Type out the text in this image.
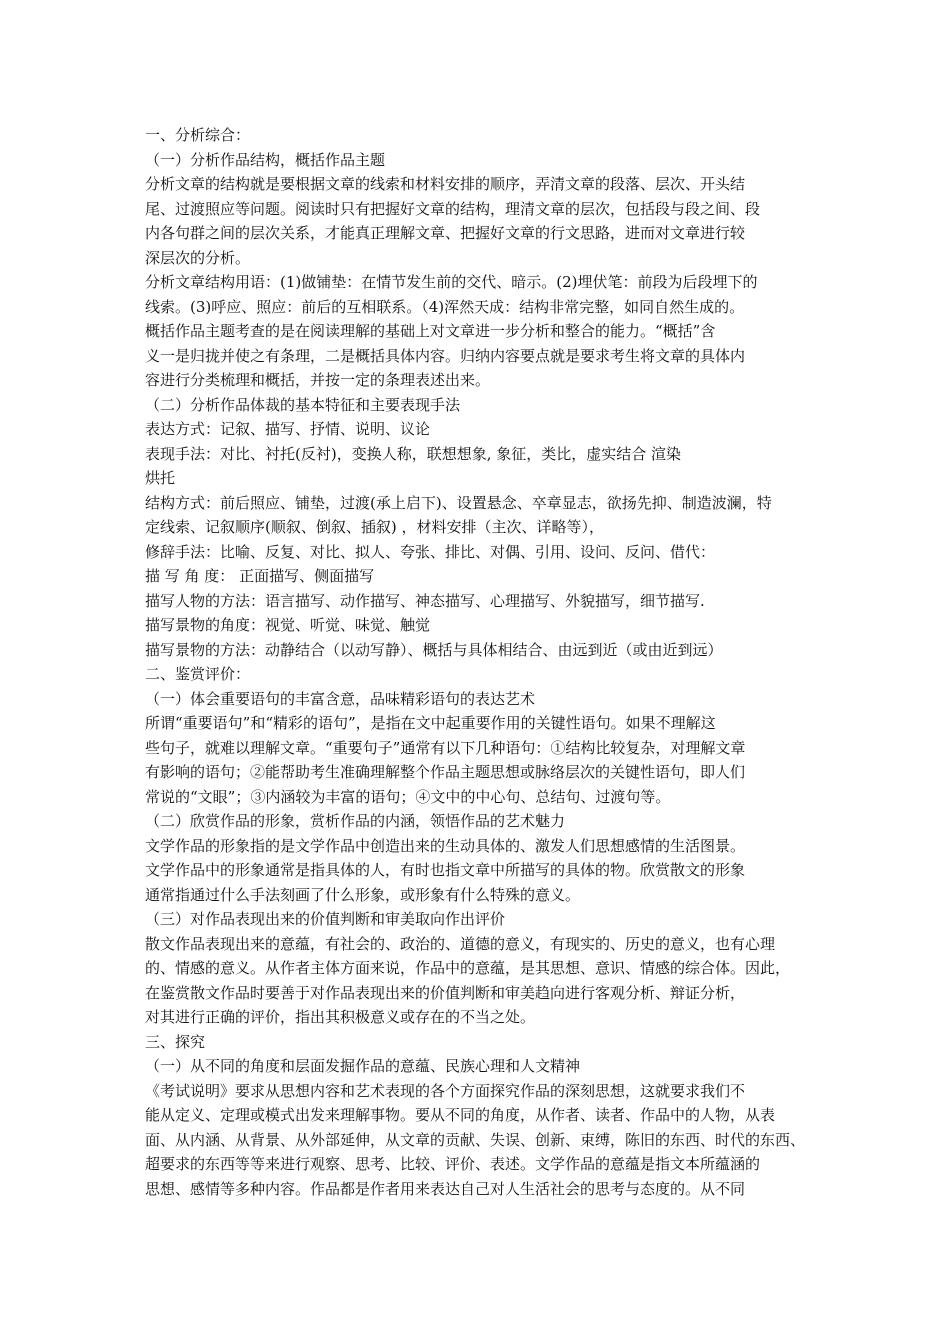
一、分析综合：
（一）分析作品结构，概括作品主题
分析文章的结构就是要根据文章的线索和材料安排的顺序，弄清文章的段落、层次、开头结
尾、过渡照应等问题。阅读时只有把握好文章的结构，理清文章的层次，包括段与段之间、段
内各句群之间的层次关系，才能真正理解文章、把握好文章的行文思路，进而对文章进行较
深层次的分析。
分析文章结构用语：(1)做铺垫：在情节发生前的交代、暗示。(2)埋伏笔：前段为后段埋下的
线索。(3)呼应、照应：前后的互相联系。（4)浑然天成：结构非常完整，如同自然生成的。
概括作品主题考查的是在阅读理解的基础上对文章进一步分析和整合的能力。“概括”含
义一是归拢并使之有条理，二是概括具体内容。归纳内容要点就是要求考生将文章的具体内
容进行分类梳理和概括，并按一定的条理表述出来。
（二）分析作品体裁的基本特征和主要表现手法
表达方式：记叙、描写、抒情、说明、议论
表现手法：对比、衬托(反衬)，变换人称，联想想象, 象征，类比，虚实结合 渲染
烘托
结构方式：前后照应、铺垫，过渡(承上启下)、设置悬念、卒章显志，欲扬先抑、制造波澜，特
定线索、记叙顺序(顺叙、倒叙、插叙) ，材料安排（主次、详略等），
修辞手法：比喻、反复、对比、拟人、夸张、排比、对偶、引用、设问、反问、借代：
描 写 角 度： 正面描写、侧面描写
描写人物的方法：语言描写、动作描写、神态描写、心理描写、外貌描写，细节描写.
描写景物的角度：视觉、听觉、味觉、触觉
描写景物的方法：动静结合（以动写静）、概括与具体相结合、由远到近（或由近到远）
二、鉴赏评价：
（一）体会重要语句的丰富含意，品味精彩语句的表达艺术
所谓“重要语句”和“精彩的语句”，是指在文中起重要作用的关键性语句。如果不理解这
些句子，就难以理解文章。“重要句子”通常有以下几种语句：①结构比较复杂，对理解文章
有影响的语句；②能帮助考生准确理解整个作品主题思想或脉络层次的关键性语句，即人们
常说的“文眼”；③内涵较为丰富的语句；④文中的中心句、总结句、过渡句等。
（二）欣赏作品的形象，赏析作品的内涵，领悟作品的艺术魅力
文学作品的形象指的是文学作品中创造出来的生动具体的、激发人们思想感情的生活图景。
文学作品中的形象通常是指具体的人，有时也指文章中所描写的具体的物。欣赏散文的形象
通常指通过什么手法刻画了什么形象，或形象有什么特殊的意义。
（三）对作品表现出来的价值判断和审美取向作出评价
散文作品表现出来的意蕴，有社会的、政治的、道德的意义，有现实的、历史的意义，也有心理
的、情感的意义。从作者主体方面来说，作品中的意蕴，是其思想、意识、情感的综合体。因此，
在鉴赏散文作品时要善于对作品表现出来的价值判断和审美趋向进行客观分析、辩证分析，
对其进行正确的评价，指出其积极意义或存在的不当之处。
三、探究
（一）从不同的角度和层面发掘作品的意蕴、民族心理和人文精神
《考试说明》要求从思想内容和艺术表现的各个方面探究作品的深刻思想，这就要求我们不
能从定义、定理或模式出发来理解事物。要从不同的角度，从作者、读者、作品中的人物，从表
面、从内涵、从背景、从外部延伸，从文章的贡献、失误、创新、束缚，陈旧的东西、时代的东西、
超要求的东西等等来进行观察、思考、比较、评价、表述。文学作品的意蕴是指文本所蕴涵的
思想、感情等多种内容。作品都是作者用来表达自己对人生活社会的思考与态度的。从不同
